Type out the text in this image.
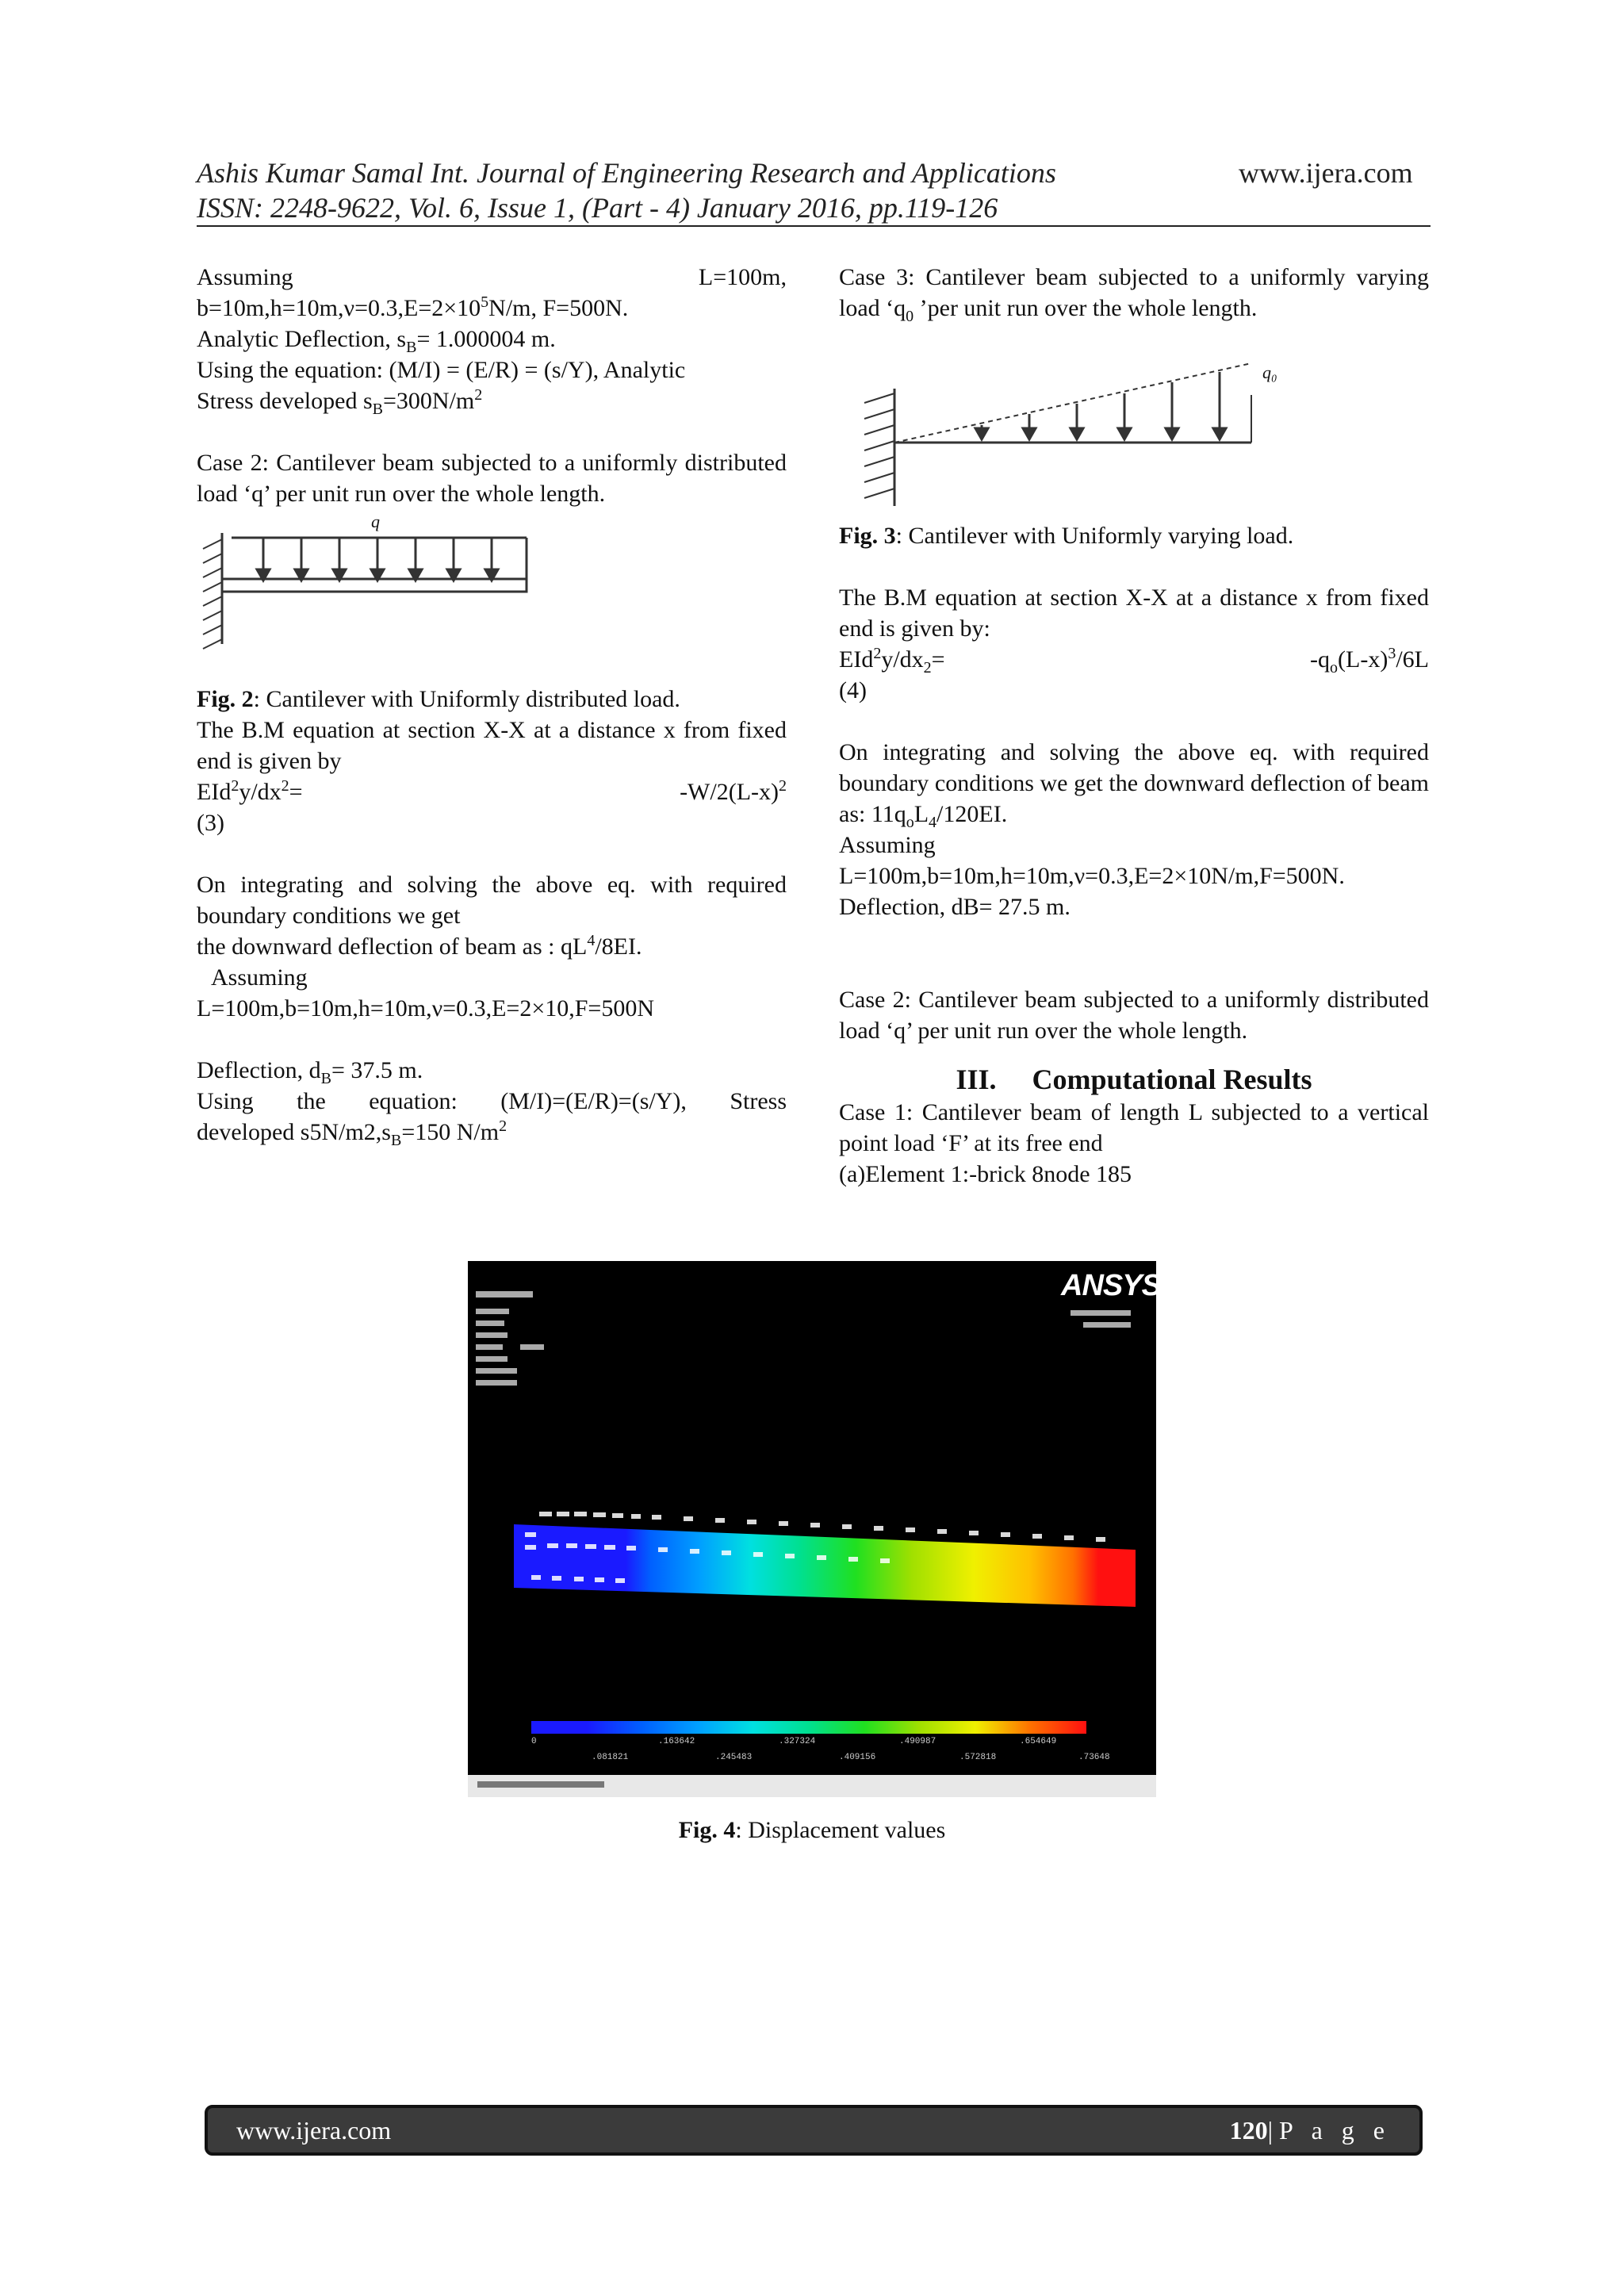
Ashis Kumar Samal Int. Journal of Engineering Research and Applications	www.ijera.com
ISSN: 2248-9622, Vol. 6, Issue 1, (Part - 4) January 2016, pp.119-126

Assuming	L=100m,

$b=10m,h=10m,\nu=0.3,E=2\times 10^5N/m$, F=500N.

Analytic Deflection, $s_B= 1.000004$ m.

Using the equation: (M/I) = (E/R) = (s/Y), Analytic

Stress developed $s_B=300N/m^2$

Case 2: Cantilever beam subjected to a uniformly distributed load ‘q’ per unit run over the whole length.

q

Fig. 2: Cantilever with Uniformly distributed load.

The B.M equation at section X-X at a distance x from fixed end is given by

$EId^2y/dx^2=$	$-W/2(L-x)^2$

(3)

On integrating and solving the above eq. with required boundary conditions we get

the downward deflection of beam as : $qL^4/8EI$.

Assuming

L=100m,b=10m,h=10m,ν=0.3,E=2×10,F=500N

Deflection, $d_B= 37.5$ m.

Using the equation: (M/I)=(E/R)=(s/Y), Stress

developed $s5N/m2,s_B=150$ $N/m^2$

Case 3: Cantilever beam subjected to a uniformly varying load ‘$q_0$ ’per unit run over the whole length.

q₀

Fig. 3: Cantilever with Uniformly varying load.

The B.M equation at section X-X at a distance x from fixed end is given by:

$EId^2y/dx_2=$	$-q_o(L-x)^3/6L$

(4)

On integrating and solving the above eq. with required boundary conditions we get the downward deflection of beam as: $11q_oL_4/120EI$.

Assuming

L=100m,b=10m,h=10m,ν=0.3,E=2×10N/m,F=500N.

Deflection, dB= 27.5 m.

Case 2: Cantilever beam subjected to a uniformly distributed load ‘q’ per unit run over the whole length.

III. Computational Results

Case 1: Cantilever beam of length L subjected to a vertical point load ‘F’ at its free end

(a)Element 1:-brick 8node 185

ANSYS
0	.163642	.327324	.490987	.654649
.081821	.245483	.409156	.572818	.73648
Fig. 4: Displacement values
www.ijera.com	120|P a g e
